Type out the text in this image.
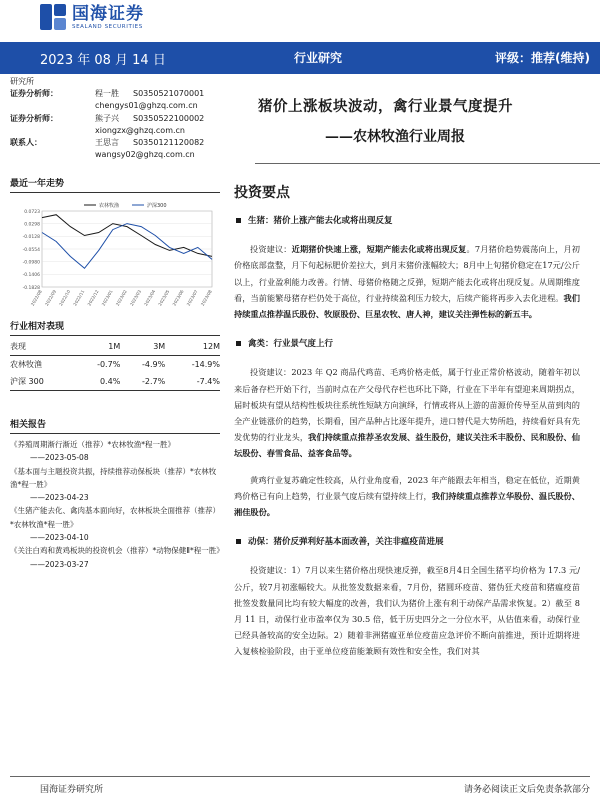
国海证券
SEALAND SECURITIES
2023 年 08 月 14 日	行业研究	评级：推荐(维持)
研究所
证券分析师：	程一胜	S0350521070001
chengys01@ghzq.com.cn
证券分析师：	熊子兴	S0350522100002
xiongzx@ghzq.com.cn
联系人：	王思言	S0350121120082
wangsy02@ghzq.com.cn
猪价上涨板块波动，禽行业景气度提升
——农林牧渔行业周报
最近一年走势
0.0723
0.0298
-0.0128
-0.0554
-0.0980
-0.1406
-0.1828
2022/08 2022/09 2022/10 2022/11 2022/12 2023/01 2023/02 2023/03 2023/04 2023/05 2023/06 2023/07 2023/08
农林牧渔	沪深300
行业相对表现
表现	1M	3M	12M
农林牧渔	-0.7%	-4.9%	-14.9%
沪深 300	0.4%	-2.7%	-7.4%
相关报告
《养殖周期渐行渐近（推荐）*农林牧渔*程一胜》
——2023-05-08
《基本面与主题投资共振，持续推荐动保板块（推荐）*农林牧渔*程一胜》
——2023-04-23
《生猪产能去化、禽肉基本面向好，农林板块全面推荐（推荐）*农林牧渔*程一胜》
——2023-04-10
《关注白鸡和黄鸡板块的投资机会（推荐）*动物保健Ⅱ*程一胜》
——2023-03-27
投资要点
生猪：猪价上涨产能去化或将出现反复

投资建议：近期猪价快速上涨，短期产能去化或将出现反复。7月猪价趋势震荡向上，月初价格底部盘整，月下旬起标肥价差拉大，到月末猪价涨幅较大；8月中上旬猪价稳定在17元/公斤以上，行业盈利能力改善。行情、母猪价格随之反弹，短期产能去化或将出现反复。从周期维度看，当前能繁母猪存栏仍处于高位，行业持续盈利压力较大，后续产能将再步入去化进程。我们持续重点推荐温氏股份、牧原股份、巨星农牧、唐人神，建议关注弹性标的新五丰。

禽类：行业景气度上行

投资建议：2023 年 Q2 商品代鸡苗、毛鸡价格走低，属于行业正常价格波动，随着年初以来后备存栏开始下行，当前时点在产父母代存栏也环比下降，行业在下半年有望迎来周期拐点，届时板块有望从结构性板块往系统性短缺方向演绎，行情或将从上游的苗源价传导至从苗到肉的全产业链涨价的趋势，长期看，国产品种占比逐年提升，进口替代是大势所趋，持续看好具有先发优势的行业龙头，我们持续重点推荐圣农发展、益生股份，建议关注禾丰股份、民和股份、仙坛股份、春雪食品、益客食品等。

黄鸡行业复苏确定性较高，从行业角度看，2023 年产能跟去年相当，稳定在低位，近期黄鸡价格已有向上趋势，行业景气度后续有望持续上行，我们持续重点推荐立华股份、温氏股份、湘佳股份。

动保：猪价反弹利好基本面改善，关注非瘟疫苗进展

投资建议：1）7月以来生猪价格出现快速反弹，截至8月4日全国生猪平均价格为 17.3 元/公斤，较7月初涨幅较大。从批签发数据来看，7月份，猪圆环疫苗、猪伪狂犬疫苗和猪瘟疫苗批签发数量同比均有较大幅度的改善，我们认为猪价上涨有利于动保产品需求恢复。2）截至 8 月 11 日，动保行业市盈率仅为 30.5 倍，低于历史四分之一分位水平，从估值来看，动保行业已经具备较高的安全边际。2）随着非洲猪瘟亚单位疫苗应急评价不断向前推进，预计近期将进入复核检验阶段，由于亚单位疫苗能兼顾有效性和安全性，我们对其

国海证券研究所	请务必阅读正文后免责条款部分
